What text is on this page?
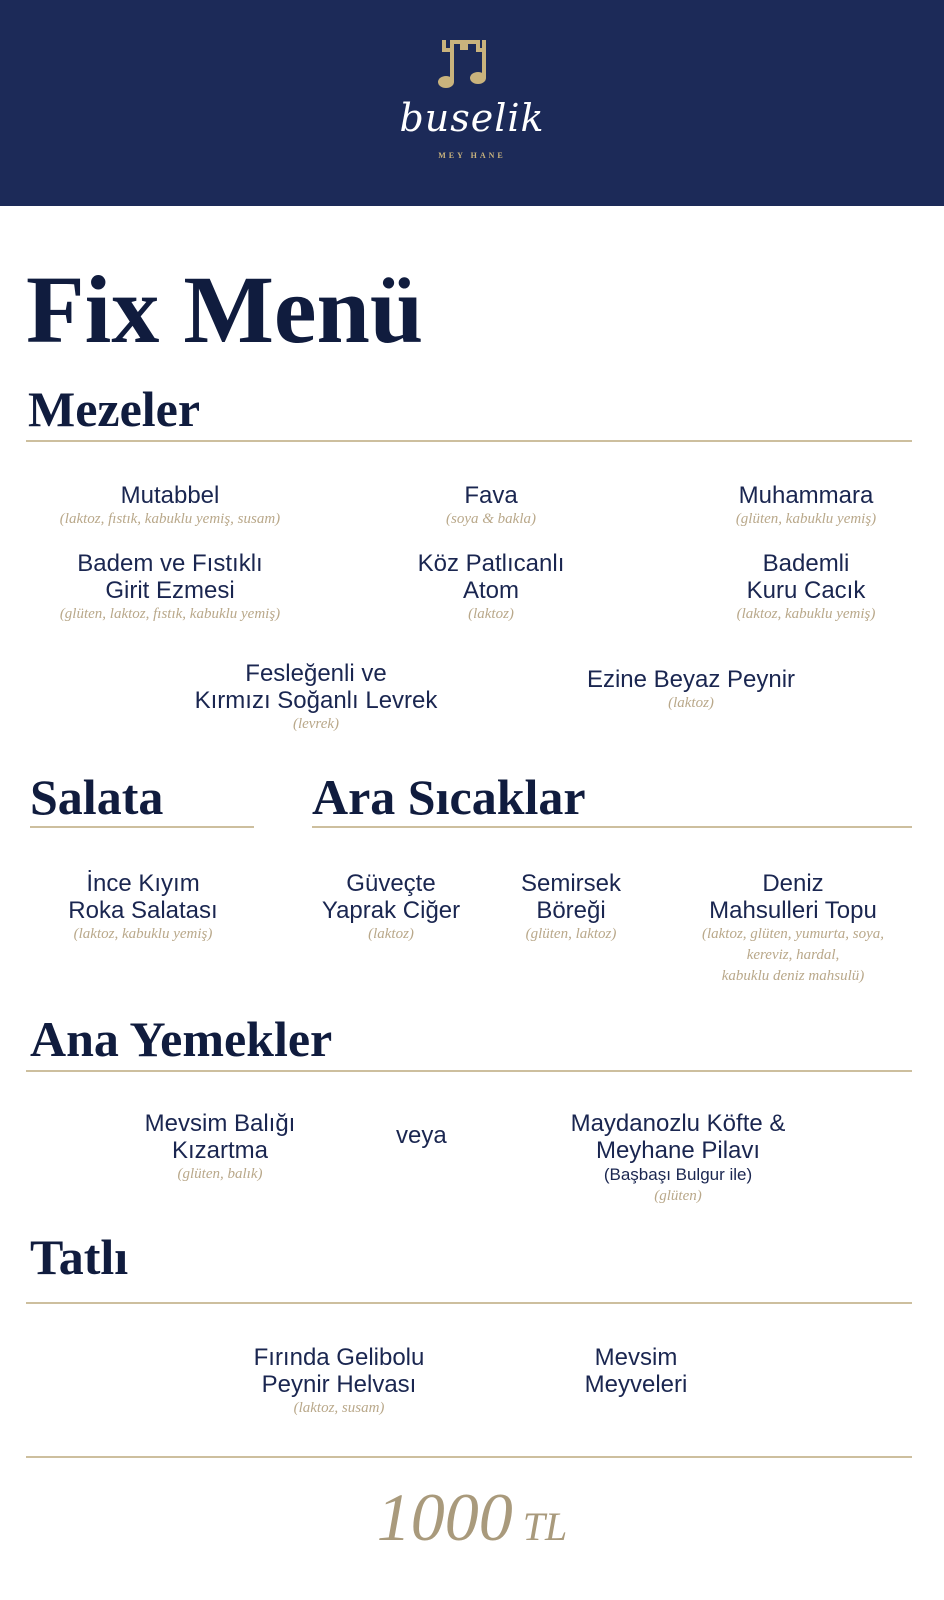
buselik
MEY HANE
Fix Menü
Mezeler
Mutabbel
(laktoz, fıstık, kabuklu yemiş, susam)
Fava
(soya & bakla)
Muhammara
(glüten, kabuklu yemiş)
Badem ve Fıstıklı
Girit Ezmesi
(glüten, laktoz, fıstık, kabuklu yemiş)
Köz Patlıcanlı
Atom
(laktoz)
Bademli
Kuru Cacık
(laktoz, kabuklu yemiş)
Fesleğenli ve
Kırmızı Soğanlı Levrek
(levrek)
Ezine Beyaz Peynir
(laktoz)
Salata
İnce Kıyım
Roka Salatası
(laktoz, kabuklu yemiş)
Ara Sıcaklar
Güveçte
Yaprak Ciğer
(laktoz)
Semirsek
Böreği
(glüten, laktoz)
Deniz
Mahsulleri Topu
(laktoz, glüten, yumurta, soya,
kereviz, hardal,
kabuklu deniz mahsulü)
Ana Yemekler
Mevsim Balığı
Kızartma
(glüten, balık)
veya	Maydanozlu Köfte &
Meyhane Pilavı
(Başbaşı Bulgur ile)
(glüten)
Tatlı
Fırında Gelibolu
Peynir Helvası
(laktoz, susam)
Mevsim
Meyveleri
1000 TL
